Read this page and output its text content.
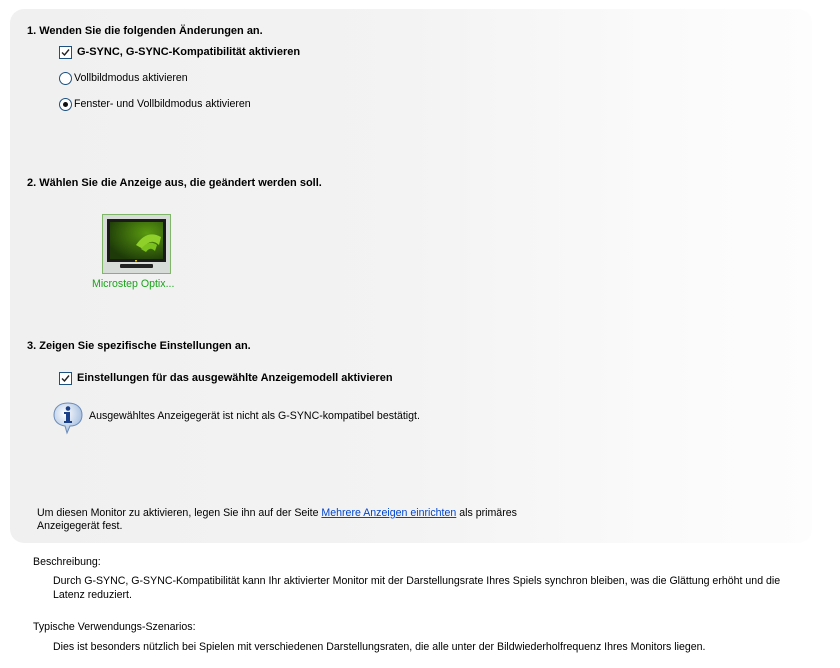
1. Wenden Sie die folgenden Änderungen an.
G-SYNC, G-SYNC-Kompatibilität aktivieren
Vollbildmodus aktivieren
Fenster- und Vollbildmodus aktivieren
2. Wählen Sie die Anzeige aus, die geändert werden soll.
Microstep Optix...
3. Zeigen Sie spezifische Einstellungen an.
Einstellungen für das ausgewählte Anzeigemodell aktivieren
Ausgewähltes Anzeigegerät ist nicht als G-SYNC-kompatibel bestätigt.
Um diesen Monitor zu aktivieren, legen Sie ihn auf der Seite Mehrere Anzeigen einrichten als primäres
Anzeigegerät fest.
Beschreibung:
Durch G-SYNC, G-SYNC-Kompatibilität kann Ihr aktivierter Monitor mit der Darstellungsrate Ihres Spiels synchron bleiben, was die Glättung erhöht und die
Latenz reduziert.
Typische Verwendungs-Szenarios:
Dies ist besonders nützlich bei Spielen mit verschiedenen Darstellungsraten, die alle unter der Bildwiederholfrequenz Ihres Monitors liegen.
